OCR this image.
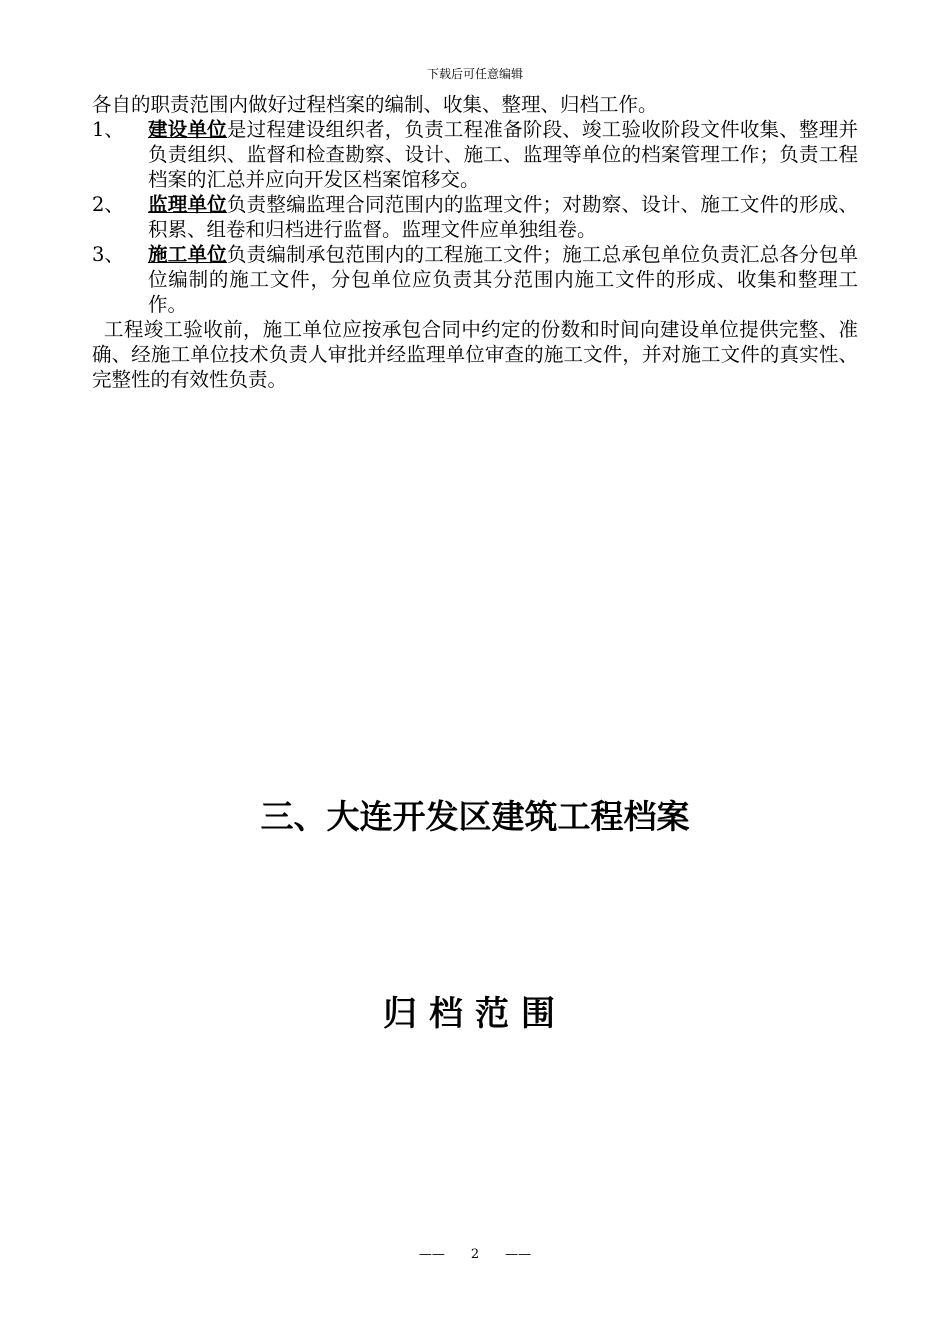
下载后可任意编辑

各自的职责范围内做好过程档案的编制、收集、整理、归档工作。

1、	建设单位是过程建设组织者，负责工程准备阶段、竣工验收阶段文件收集、整理并负责组织、监督和检查勘察、设计、施工、监理等单位的档案管理工作；负责工程档案的汇总并应向开发区档案馆移交。
2、	监理单位负责整编监理合同范围内的监理文件；对勘察、设计、施工文件的形成、积累、组卷和归档进行监督。监理文件应单独组卷。
3、	施工单位负责编制承包范围内的工程施工文件；施工总承包单位负责汇总各分包单位编制的施工文件，分包单位应负责其分范围内施工文件的形成、收集和整理工作。

工程竣工验收前，施工单位应按承包合同中约定的份数和时间向建设单位提供完整、准确、经施工单位技术负责人审批并经监理单位审查的施工文件，并对施工文件的真实性、完整性的有效性负责。

三、大连开发区建筑工程档案
归档范围
——　　2　　——
